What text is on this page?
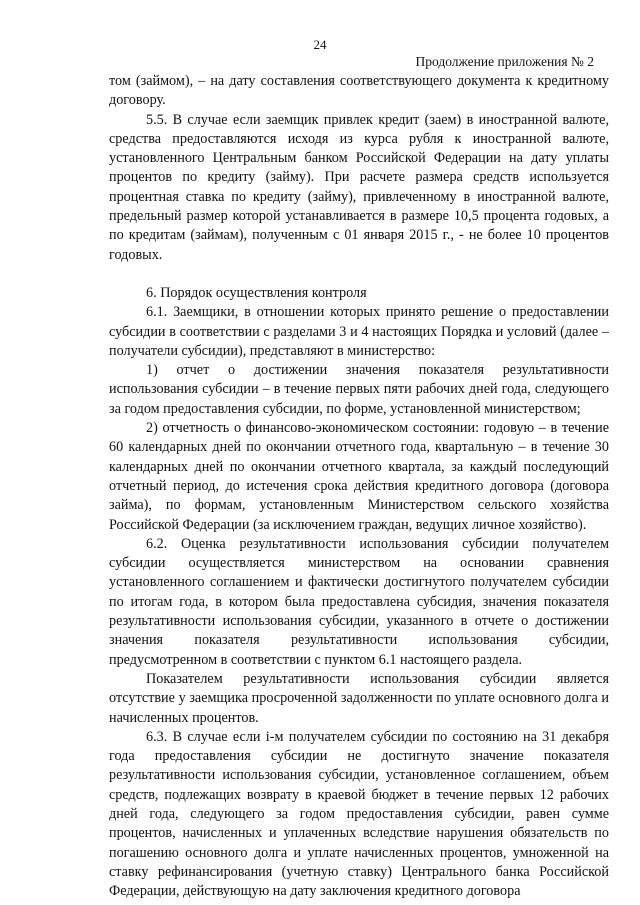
24
Продолжение приложения № 2

том (займом), – на дату составления соответствующего документа к кредитному договору.

5.5. В случае если заемщик привлек кредит (заем) в иностранной валюте, средства предоставляются исходя из курса рубля к иностранной валюте, установленного Центральным банком Российской Федерации на дату уплаты процентов по кредиту (займу). При расчете размера средств используется процентная ставка по кредиту (займу), привлеченному в иностранной валюте, предельный размер которой устанавливается в размере 10,5 процента годовых, а по кредитам (займам), полученным с 01 января 2015 г., - не более 10 процентов годовых.

6. Порядок осуществления контроля

6.1. Заемщики, в отношении которых принято решение о предоставлении субсидии в соответствии с разделами 3 и 4 настоящих Порядка и условий (далее – получатели субсидии), представляют в министерство:

1) отчет о достижении значения показателя результативности использования субсидии – в течение первых пяти рабочих дней года, следующего за годом предоставления субсидии, по форме, установленной министерством;

2) отчетность о финансово-экономическом состоянии: годовую – в течение 60 календарных дней по окончании отчетного года, квартальную – в течение 30 календарных дней по окончании отчетного квартала, за каждый последующий отчетный период, до истечения срока действия кредитного договора (договора займа), по формам, установленным Министерством сельского хозяйства Российской Федерации (за исключением граждан, ведущих личное хозяйство).

6.2. Оценка результативности использования субсидии получателем субсидии осуществляется министерством на основании сравнения установленного соглашением и фактически достигнутого получателем субсидии по итогам года, в котором была предоставлена субсидия, значения показателя результативности использования субсидии, указанного в отчете о достижении значения показателя результативности использования субсидии, предусмотренном в соответствии с пунктом 6.1 настоящего раздела.

Показателем результативности использования субсидии является отсутствие у заемщика просроченной задолженности по уплате основного долга и начисленных процентов.

6.3. В случае если i-м получателем субсидии по состоянию на 31 декабря года предоставления субсидии не достигнуто значение показателя результативности использования субсидии, установленное соглашением, объем средств, подлежащих возврату в краевой бюджет в течение первых 12 рабочих дней года, следующего за годом предоставления субсидии, равен сумме процентов, начисленных и уплаченных вследствие нарушения обязательств по погашению основного долга и уплате начисленных процентов, умноженной на ставку рефинансирования (учетную ставку) Центрального банка Российской Федерации, действующую на дату заключения кредитного договора
